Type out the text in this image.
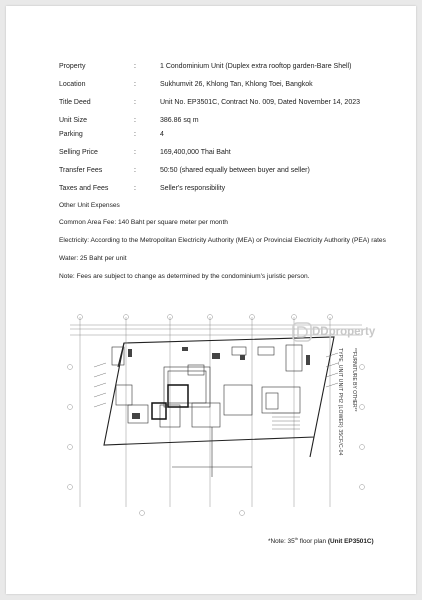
Property	:	1 Condominium Unit (Duplex extra rooftop garden-Bare Shell)
Location	:	Sukhumvit 26, Khlong Tan, Khlong Toei, Bangkok
Title Deed	:	Unit No. EP3501C, Contract No. 009, Dated November 14, 2023
Unit Size	:	386.86 sq m
Parking	:	4
Selling Price	:	169,400,000 Thai Baht
Transfer Fees	:	50:50 (shared equally between buyer and seller)
Taxes and Fees	:	Seller's responsibility
Other Unit Expenses
Common Area Fee: 140 Baht per square meter per month
Electricity: According to the Metropolitan Electricity Authority (MEA) or Provincial Electricity Authority (PEA) rates
Water: 25 Baht per unit
Note: Fees are subject to change as determined by the condominium's juristic person.
DDproperty
TYPE_UNIT UNIT PH2 (LOWER) 35CF/C-04 **FURNITURE BY OTHER**
*Note: 35th floor plan (Unit EP3501C)
